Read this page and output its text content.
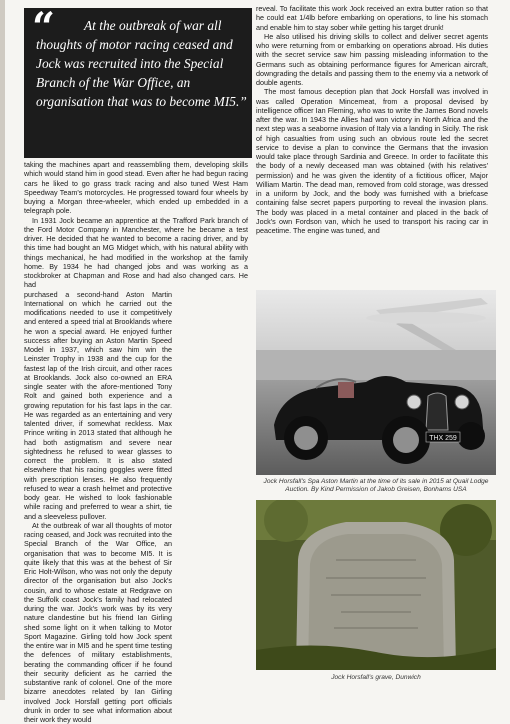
“	At the outbreak of war all thoughts of motor racing ceased and Jock was recruited into the Special Branch of the War Office, an organisation that was to become MI5.”

taking the machines apart and reassembling them, developing skills which would stand him in good stead. Even after he had begun racing cars he liked to go grass track racing and also tuned West Ham Speedway Team's motorcycles. He progressed toward four wheels by buying a Morgan three-wheeler, which ended up embedded in a telegraph pole.

In 1931 Jock became an apprentice at the Trafford Park branch of the Ford Motor Company in Manchester, where he became a test driver. He decided that he wanted to become a racing driver, and by this time had bought an MG Midget which, with his natural ability with things mechanical, he had modified in the workshop at the family home. By 1934 he had changed jobs and was working as a stockbroker at Chapman and Rose and had also changed cars. He had

purchased a second-hand Aston Martin International on which he carried out the modifications needed to use it competitively and entered a speed trial at Brooklands where he won a special award. He enjoyed further success after buying an Aston Martin Speed Model in 1937, which saw him win the Leinster Trophy in 1938 and the cup for the fastest lap of the Irish circuit, and other races at Brooklands. Jock also co-owned an ERA single seater with the afore-mentioned Tony Rolt and gained both experience and a growing reputation for his fast laps in the car. He was regarded as an entertaining and very talented driver, if somewhat reckless. Max Prince writing in 2013 stated that although he had both astigmatism and severe near sightedness he refused to wear glasses to correct the problem. It is also stated elsewhere that his racing goggles were fitted with prescription lenses. He also frequently refused to wear a crash helmet and protective body gear. He wished to look fashionable while racing and preferred to wear a shirt, tie and a sleeveless pullover.

At the outbreak of war all thoughts of motor racing ceased, and Jock was recruited into the Special Branch of the War Office, an organisation that was to become MI5. It is quite likely that this was at the behest of Sir Eric Holt-Wilson, who was not only the deputy director of the organisation but also Jock's cousin, and to whose estate at Redgrave on the Suffolk coast Jock's family had relocated during the war. Jock's work was by its very nature clandestine but his friend Ian Girling shed some light on it when talking to Motor Sport Magazine. Girling told how Jock spent the entire war in MI5 and he spent time testing the defences of military establishments, berating the commanding officer if he found their security deficient as he carried the substantive rank of colonel. One of the more bizarre anecdotes related by Ian Girling involved Jock Horsfall getting port officials drunk in order to see what information about their work they would

reveal. To facilitate this work Jock received an extra butter ration so that he could eat 1/4lb before embarking on operations, to line his stomach and enable him to stay sober while getting his target drunk!

He also utilised his driving skills to collect and deliver secret agents who were returning from or embarking on operations abroad. His duties with the secret service saw him passing misleading information to the Germans such as obtaining performance figures for American aircraft, downgrading the details and passing them to the enemy via a network of double agents.

The most famous deception plan that Jock Horsfall was involved in was called Operation Mincemeat, from a proposal devised by intelligence officer Ian Fleming, who was to write the James Bond novels after the war. In 1943 the Allies had won victory in North Africa and the next step was a seaborne invasion of Italy via a landing in Sicily. The risk of high casualties from using such an obvious route led the secret service to devise a plan to convince the Germans that the invasion would take place through Sardinia and Greece. In order to facilitate this the body of a newly deceased man was obtained (with his relatives' permission) and he was given the identity of a fictitious officer, Major William Martin. The dead man, removed from cold storage, was dressed in a uniform by Jock, and the body was furnished with a briefcase containing false secret papers purporting to reveal the invasion plans. The body was placed in a metal container and placed in the back of Jock's own Fordson van, which he used to transport his racing car in peacetime. The engine was tuned, and

THX 259
Jock Horsfall's Spa Aston Martin at the time of its sale in 2015 at Quail Lodge Auction. By Kind Permission of Jakob Greisen, Bonhams USA
Jock Horsfall's grave, Dunwich
